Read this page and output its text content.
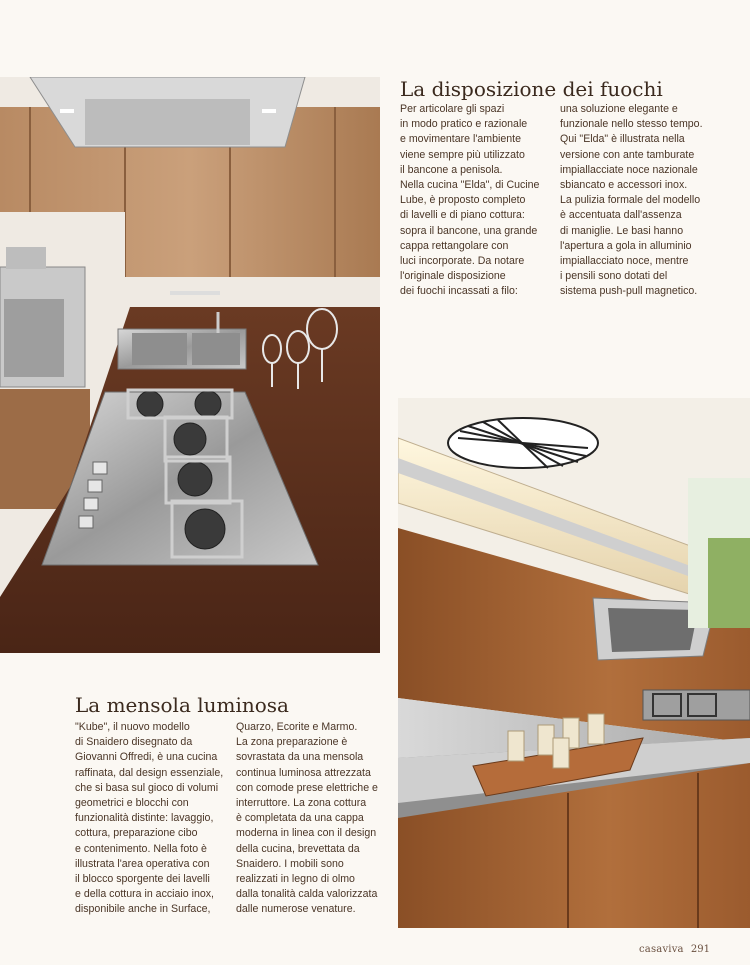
La disposizione dei fuochi
Per articolare gli spazi
in modo pratico e razionale
e movimentare l'ambiente
viene sempre più utilizzato
il bancone a penisola.
Nella cucina "Elda", di Cucine
Lube, è proposto completo
di lavelli e di piano cottura:
sopra il bancone, una grande
cappa rettangolare con
luci incorporate. Da notare
l'originale disposizione
dei fuochi incassati a filo:
una soluzione elegante e
funzionale nello stesso tempo.
Qui "Elda" è illustrata nella
versione con ante tamburate
impiallacciate noce nazionale
sbiancato e accessori inox.
La pulizia formale del modello
è accentuata dall'assenza
di maniglie. Le basi hanno
l'apertura a gola in alluminio
impiallacciato noce, mentre
i pensili sono dotati del
sistema push-pull magnetico.
La mensola luminosa
"Kube", il nuovo modello
di Snaidero disegnato da
Giovanni Offredi, è una cucina
raffinata, dal design essenziale,
che si basa sul gioco di volumi
geometrici e blocchi con
funzionalità distinte: lavaggio,
cottura, preparazione cibo
e contenimento. Nella foto è
illustrata l'area operativa con
il blocco sporgente dei lavelli
e della cottura in acciaio inox,
disponibile anche in Surface,
Quarzo, Ecorite e Marmo.
La zona preparazione è
sovrastata da una mensola
continua luminosa attrezzata
con comode prese elettriche e
interruttore. La zona cottura
è completata da una cappa
moderna in linea con il design
della cucina, brevettata da
Snaidero. I mobili sono
realizzati in legno di olmo
dalla tonalità calda valorizzata
dalle numerose venature.
casaviva 291
